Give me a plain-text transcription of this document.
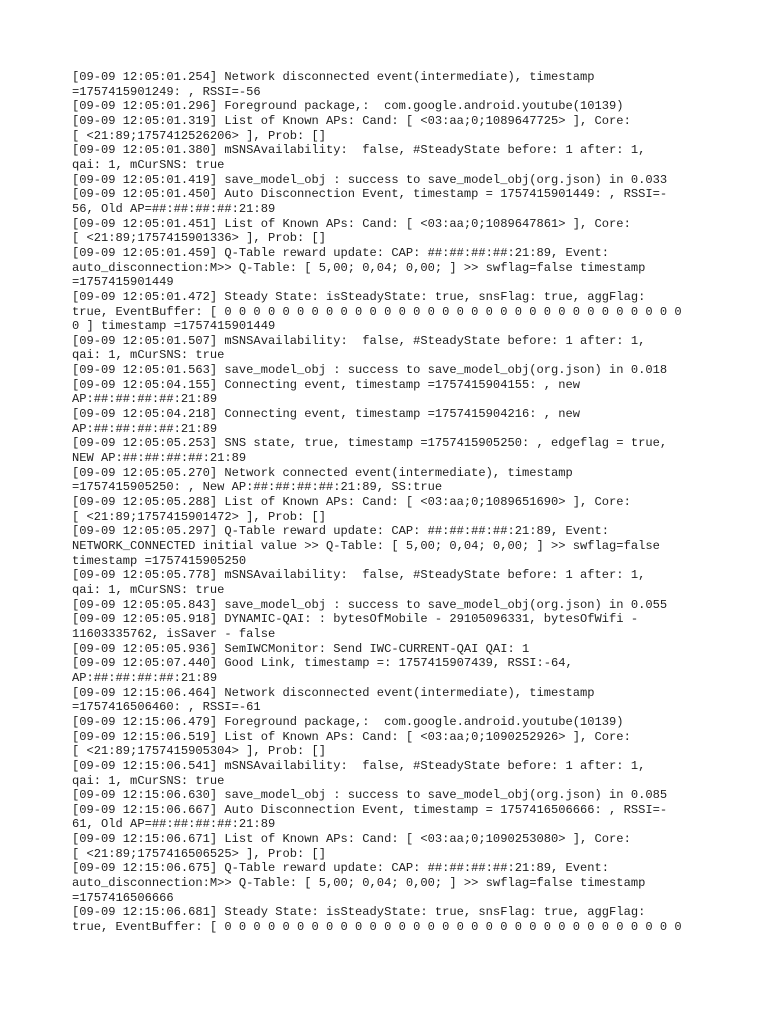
[09-09 12:05:01.254] Network disconnected event(intermediate), timestamp
=1757415901249: , RSSI=-56
[09-09 12:05:01.296] Foreground package,:  com.google.android.youtube(10139)
[09-09 12:05:01.319] List of Known APs: Cand: [ <03:aa;0;1089647725> ], Core:
[ <21:89;1757412526206> ], Prob: []
[09-09 12:05:01.380] mSNSAvailability:  false, #SteadyState before: 1 after: 1,
qai: 1, mCurSNS: true
[09-09 12:05:01.419] save_model_obj : success to save_model_obj(org.json) in 0.033
[09-09 12:05:01.450] Auto Disconnection Event, timestamp = 1757415901449: , RSSI=-
56, Old AP=##:##:##:##:21:89
[09-09 12:05:01.451] List of Known APs: Cand: [ <03:aa;0;1089647861> ], Core:
[ <21:89;1757415901336> ], Prob: []
[09-09 12:05:01.459] Q-Table reward update: CAP: ##:##:##:##:21:89, Event:
auto_disconnection:M>> Q-Table: [ 5,00; 0,04; 0,00; ] >> swflag=false timestamp
=1757415901449
[09-09 12:05:01.472] Steady State: isSteadyState: true, snsFlag: true, aggFlag:
true, EventBuffer: [ 0 0 0 0 0 0 0 0 0 0 0 0 0 0 0 0 0 0 0 0 0 0 0 0 0 0 0 0 0 0 0 0
0 ] timestamp =1757415901449
[09-09 12:05:01.507] mSNSAvailability:  false, #SteadyState before: 1 after: 1,
qai: 1, mCurSNS: true
[09-09 12:05:01.563] save_model_obj : success to save_model_obj(org.json) in 0.018
[09-09 12:05:04.155] Connecting event, timestamp =1757415904155: , new
AP:##:##:##:##:21:89
[09-09 12:05:04.218] Connecting event, timestamp =1757415904216: , new
AP:##:##:##:##:21:89
[09-09 12:05:05.253] SNS state, true, timestamp =1757415905250: , edgeflag = true,
NEW AP:##:##:##:##:21:89
[09-09 12:05:05.270] Network connected event(intermediate), timestamp
=1757415905250: , New AP:##:##:##:##:21:89, SS:true
[09-09 12:05:05.288] List of Known APs: Cand: [ <03:aa;0;1089651690> ], Core:
[ <21:89;1757415901472> ], Prob: []
[09-09 12:05:05.297] Q-Table reward update: CAP: ##:##:##:##:21:89, Event:
NETWORK_CONNECTED initial value >> Q-Table: [ 5,00; 0,04; 0,00; ] >> swflag=false
timestamp =1757415905250
[09-09 12:05:05.778] mSNSAvailability:  false, #SteadyState before: 1 after: 1,
qai: 1, mCurSNS: true
[09-09 12:05:05.843] save_model_obj : success to save_model_obj(org.json) in 0.055
[09-09 12:05:05.918] DYNAMIC-QAI: : bytesOfMobile - 29105096331, bytesOfWifi -
11603335762, isSaver - false
[09-09 12:05:05.936] SemIWCMonitor: Send IWC-CURRENT-QAI QAI: 1
[09-09 12:05:07.440] Good Link, timestamp =: 1757415907439, RSSI:-64,
AP:##:##:##:##:21:89
[09-09 12:15:06.464] Network disconnected event(intermediate), timestamp
=1757416506460: , RSSI=-61
[09-09 12:15:06.479] Foreground package,:  com.google.android.youtube(10139)
[09-09 12:15:06.519] List of Known APs: Cand: [ <03:aa;0;1090252926> ], Core:
[ <21:89;1757415905304> ], Prob: []
[09-09 12:15:06.541] mSNSAvailability:  false, #SteadyState before: 1 after: 1,
qai: 1, mCurSNS: true
[09-09 12:15:06.630] save_model_obj : success to save_model_obj(org.json) in 0.085
[09-09 12:15:06.667] Auto Disconnection Event, timestamp = 1757416506666: , RSSI=-
61, Old AP=##:##:##:##:21:89
[09-09 12:15:06.671] List of Known APs: Cand: [ <03:aa;0;1090253080> ], Core:
[ <21:89;1757416506525> ], Prob: []
[09-09 12:15:06.675] Q-Table reward update: CAP: ##:##:##:##:21:89, Event:
auto_disconnection:M>> Q-Table: [ 5,00; 0,04; 0,00; ] >> swflag=false timestamp
=1757416506666
[09-09 12:15:06.681] Steady State: isSteadyState: true, snsFlag: true, aggFlag:
true, EventBuffer: [ 0 0 0 0 0 0 0 0 0 0 0 0 0 0 0 0 0 0 0 0 0 0 0 0 0 0 0 0 0 0 0 0
